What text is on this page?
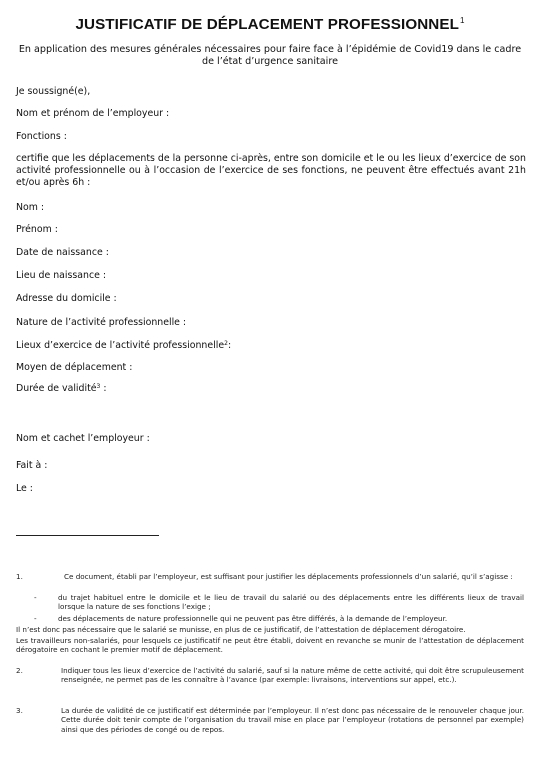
JUSTIFICATIF DE DÉPLACEMENT PROFESSIONNEL$^1$
En application des mesures générales nécessaires pour faire face à l’épidémie de Covid19 dans le cadre de l’état d’urgence sanitaire
Je soussigné(e),
Nom et prénom de l’employeur :
Fonctions :
certifie que les déplacements de la personne ci-après, entre son domicile et le ou les lieux d’exercice de son activité professionnelle ou à l’occasion de l’exercice de ses fonctions, ne peuvent être effectués avant 21h et/ou après 6h :
Nom :
Prénom :
Date de naissance :
Lieu de naissance :
Adresse du domicile :
Nature de l’activité professionnelle :
Lieux d’exercice de l’activité professionnelle$^2$:
Moyen de déplacement :
Durée de validité$^3$ :
Nom et cachet l’employeur :
Fait à :
Le :
1.	Ce document, établi par l’employeur, est suffisant pour justifier les déplacements professionnels d’un salarié, qu’il s’agisse :
-	du trajet habituel entre le domicile et le lieu de travail du salarié ou des déplacements entre les différents lieux de travail lorsque la nature de ses fonctions l’exige ;
-	des déplacements de nature professionnelle qui ne peuvent pas être différés, à la demande de l’employeur.
Il n’est donc pas nécessaire que le salarié se munisse, en plus de ce justificatif, de l’attestation de déplacement dérogatoire.
Les travailleurs non-salariés, pour lesquels ce justificatif ne peut être établi, doivent en revanche se munir de l’attestation de déplacement dérogatoire en cochant le premier motif de déplacement.
2.	Indiquer tous les lieux d’exercice de l’activité du salarié, sauf si la nature même de cette activité, qui doit être scrupuleusement renseignée, ne permet pas de les connaître à l’avance (par exemple: livraisons, interventions sur appel, etc.).
3.	La durée de validité de ce justificatif est déterminée par l’employeur. Il n’est donc pas nécessaire de le renouveler chaque jour. Cette durée doit tenir compte de l’organisation du travail mise en place par l’employeur (rotations de personnel par exemple) ainsi que des périodes de congé ou de repos.
